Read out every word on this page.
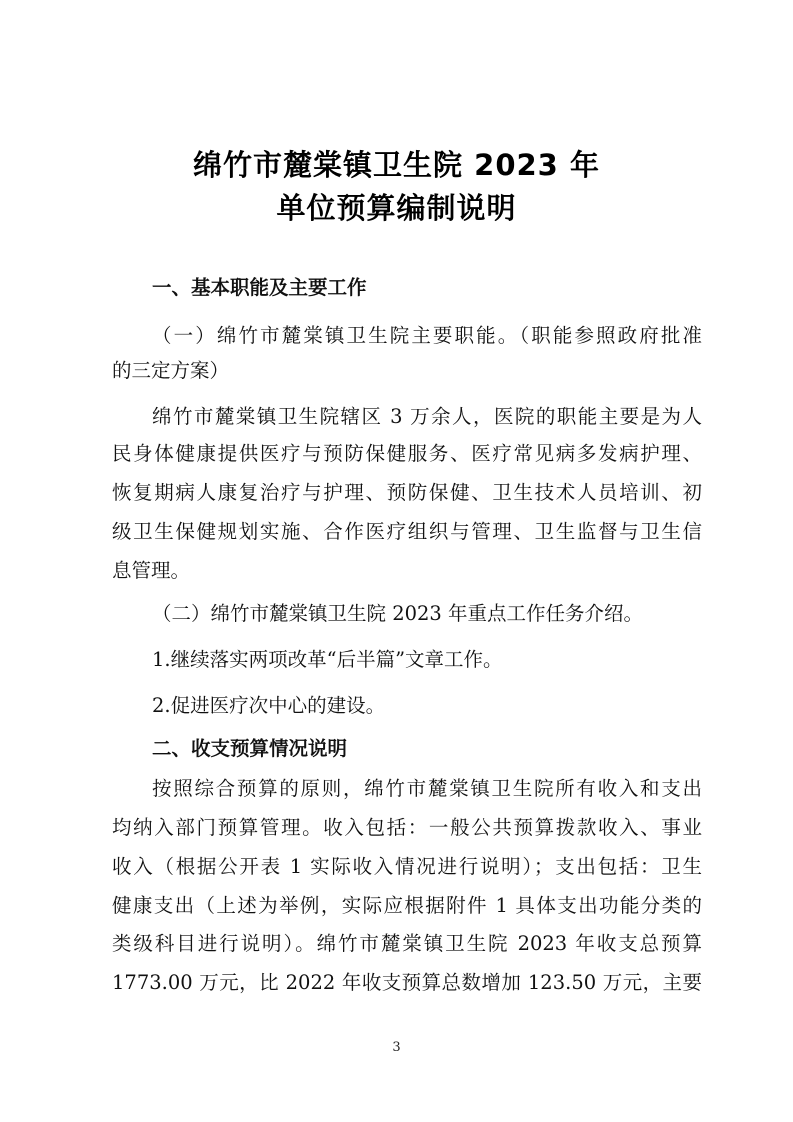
绵竹市麓棠镇卫生院 2023 年
单位预算编制说明
一、基本职能及主要工作
（一）绵竹市麓棠镇卫生院主要职能。（职能参照政府批准
的三定方案）
绵竹市麓棠镇卫生院辖区 3 万余人，医院的职能主要是为人
民身体健康提供医疗与预防保健服务、医疗常见病多发病护理、
恢复期病人康复治疗与护理、预防保健、卫生技术人员培训、初
级卫生保健规划实施、合作医疗组织与管理、卫生监督与卫生信
息管理。
（二）绵竹市麓棠镇卫生院 2023 年重点工作任务介绍。
1.继续落实两项改革“后半篇”文章工作。
2.促进医疗次中心的建设。
二、收支预算情况说明
按照综合预算的原则，绵竹市麓棠镇卫生院所有收入和支出
均纳入部门预算管理。收入包括：一般公共预算拨款收入、事业
收入（根据公开表 1 实际收入情况进行说明）；支出包括：卫生
健康支出（上述为举例，实际应根据附件 1 具体支出功能分类的
类级科目进行说明）。绵竹市麓棠镇卫生院 2023 年收支总预算
1773.00 万元，比 2022 年收支预算总数增加 123.50 万元，主要
3
